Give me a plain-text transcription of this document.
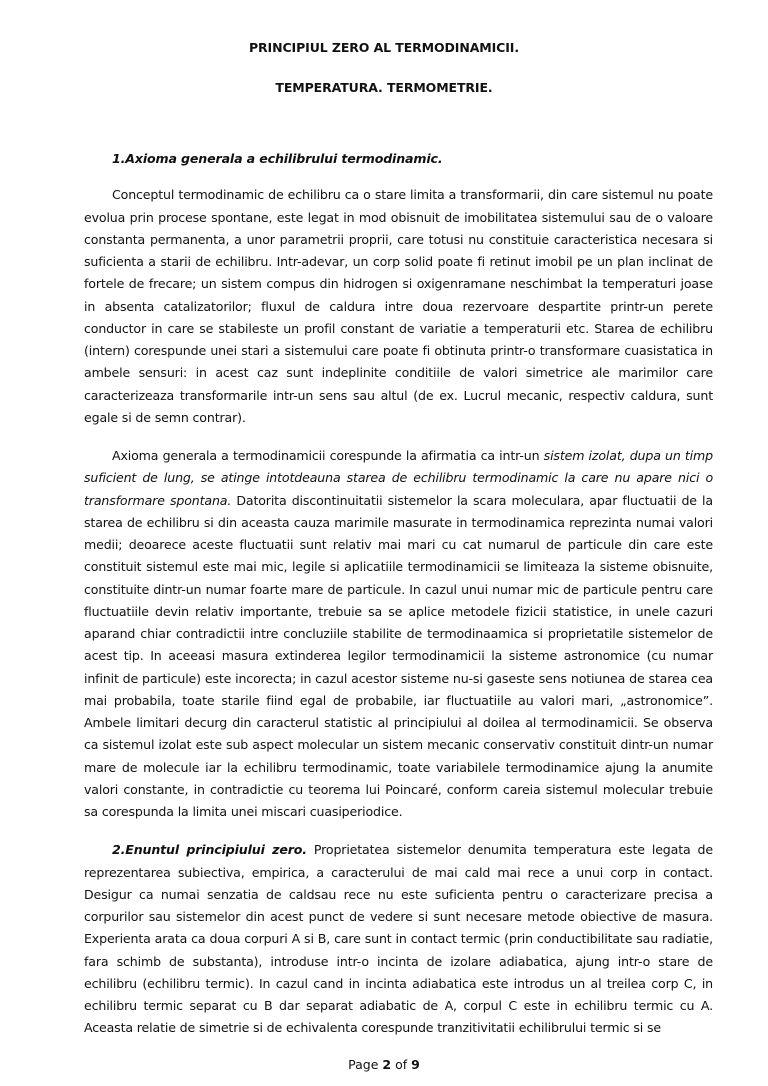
PRINCIPIUL ZERO AL TERMODINAMICII.
TEMPERATURA. TERMOMETRIE.

1.Axioma generala a echilibrului termodinamic.

Conceptul termodinamic de echilibru ca o stare limita a transformarii, din care sistemul nu poate evolua prin procese spontane, este legat in mod obisnuit de imobilitatea sistemului sau de o valoare constanta permanenta, a unor parametrii proprii, care totusi nu constituie caracteristica necesara si suficienta a starii de echilibru. Intr-adevar, un corp solid poate fi retinut imobil pe un plan inclinat de fortele de frecare; un sistem compus din hidrogen si oxigenramane neschimbat la temperaturi joase in absenta catalizatorilor; fluxul de caldura intre doua rezervoare despartite printr-un perete conductor in care se stabileste un profil constant de variatie a temperaturii etc. Starea de echilibru (intern) corespunde unei stari a sistemului care poate fi obtinuta printr-o transformare cuasistatica in ambele sensuri: in acest caz sunt indeplinite conditiile de valori simetrice ale marimilor care caracterizeaza transformarile intr-un sens sau altul (de ex. Lucrul mecanic, respectiv caldura, sunt egale si de semn contrar).

Axioma generala a termodinamicii corespunde la afirmatia ca intr-un sistem izolat, dupa un timp suficient de lung, se atinge intotdeauna starea de echilibru termodinamic la care nu apare nici o transformare spontana. Datorita discontinuitatii sistemelor la scara moleculara, apar fluctuatii de la starea de echilibru si din aceasta cauza marimile masurate in termodinamica reprezinta numai valori medii; deoarece aceste fluctuatii sunt relativ mai mari cu cat numarul de particule din care este constituit sistemul este mai mic, legile si aplicatiile termodinamicii se limiteaza la sisteme obisnuite, constituite dintr-un numar foarte mare de particule. In cazul unui numar mic de particule pentru care fluctuatiile devin relativ importante, trebuie sa se aplice metodele fizicii statistice, in unele cazuri aparand chiar contradictii intre concluziile stabilite de termodinaamica si proprietatile sistemelor de acest tip. In aceeasi masura extinderea legilor termodinamicii la sisteme astronomice (cu numar infinit de particule) este incorecta; in cazul acestor sisteme nu-si gaseste sens notiunea de starea cea mai probabila, toate starile fiind egal de probabile, iar fluctuatiile au valori mari, „astronomice”. Ambele limitari decurg din caracterul statistic al principiului al doilea al termodinamicii. Se observa ca sistemul izolat este sub aspect molecular un sistem mecanic conservativ constituit dintr-un numar mare de molecule iar la echilibru termodinamic, toate variabilele termodinamice ajung la anumite valori constante, in contradictie cu teorema lui Poincaré, conform careia sistemul molecular trebuie sa corespunda la limita unei miscari cuasiperiodice.

2.Enuntul principiului zero. Proprietatea sistemelor denumita temperatura este legata de reprezentarea subiectiva, empirica, a caracterului de mai cald mai rece a unui corp in contact. Desigur ca numai senzatia de caldsau rece nu este suficienta pentru o caracterizare precisa a corpurilor sau sistemelor din acest punct de vedere si sunt necesare metode obiective de masura. Experienta arata ca doua corpuri A si B, care sunt in contact termic (prin conductibilitate sau radiatie, fara schimb de substanta), introduse intr-o incinta de izolare adiabatica, ajung intr-o stare de echilibru (echilibru termic). In cazul cand in incinta adiabatica este introdus un al treilea corp C, in echilibru termic separat cu B dar separat adiabatic de A, corpul C este in echilibru termic cu A. Aceasta relatie de simetrie si de echivalenta corespunde tranzitivitatii echilibrului termic si se

Page 2 of 9
